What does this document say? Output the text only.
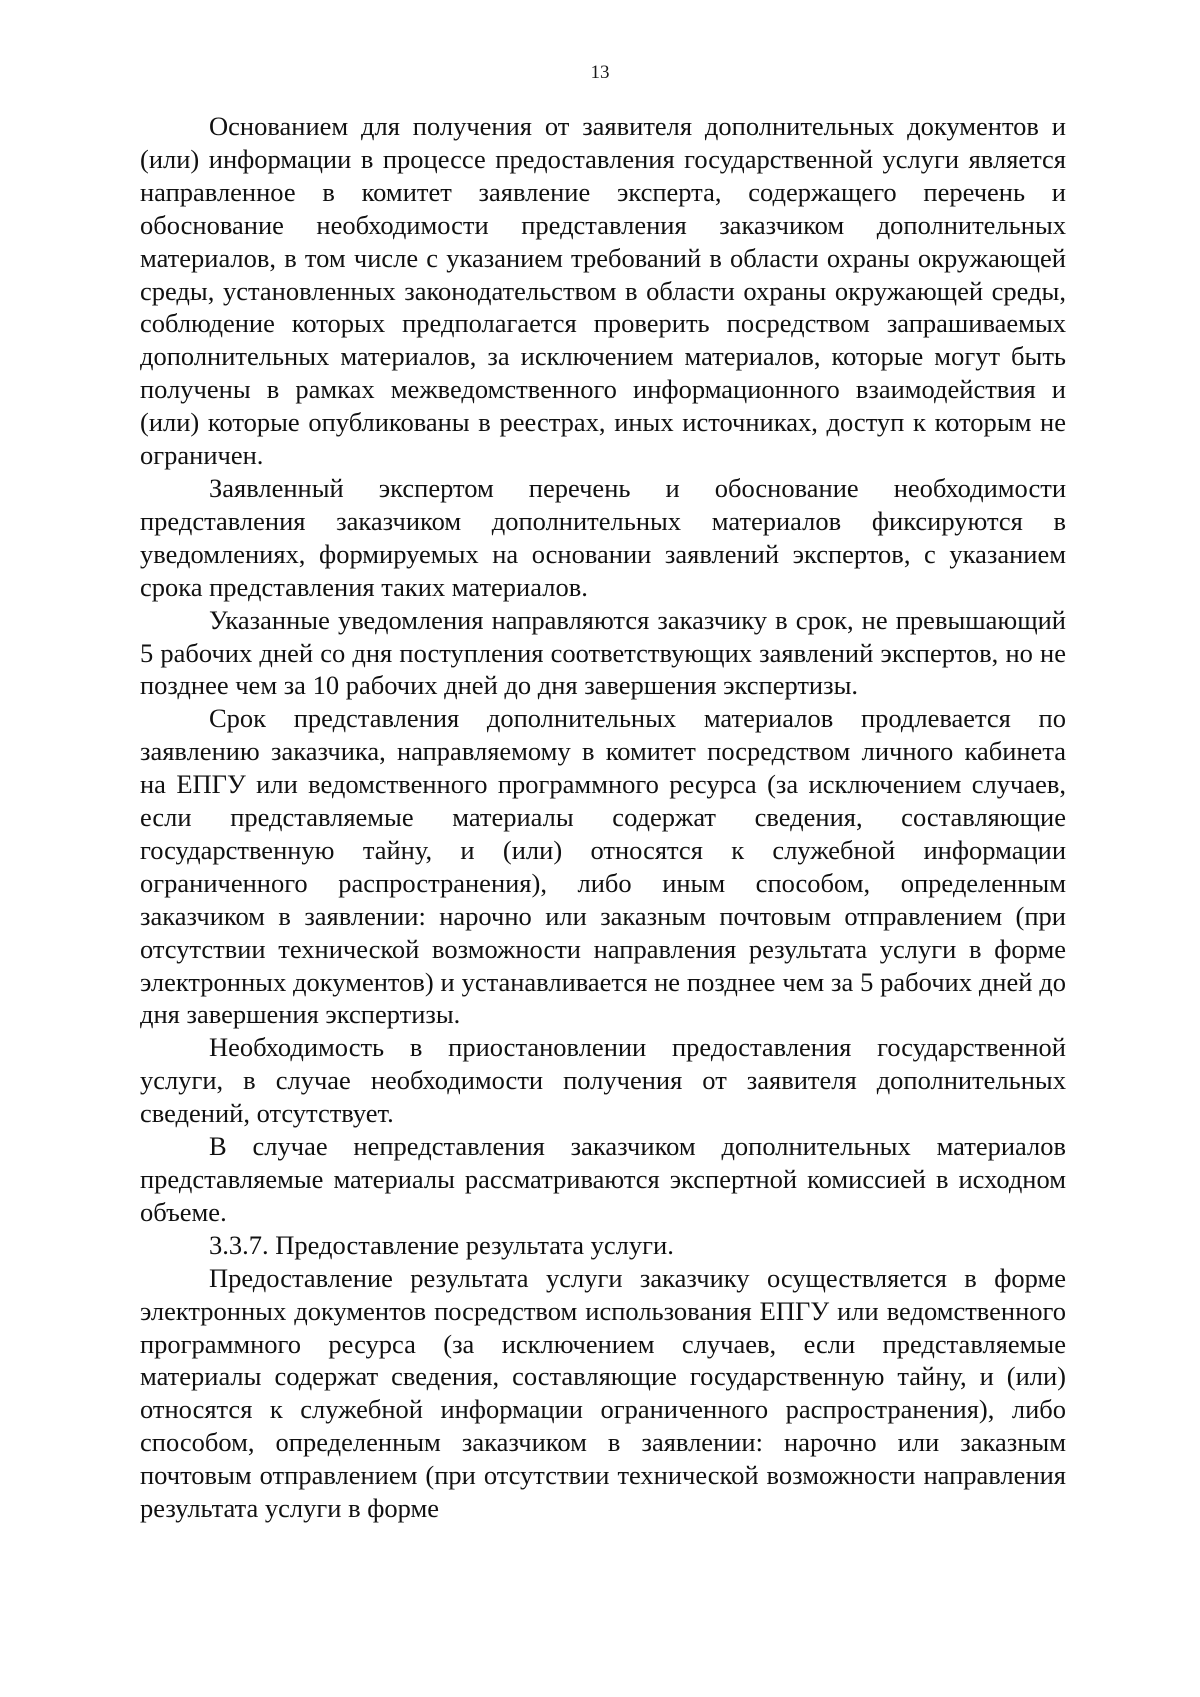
13

Основанием для получения от заявителя дополнительных документов и (или) информации в процессе предоставления государственной услуги является направленное в комитет заявление эксперта, содержащего перечень и обоснование необходимости представления заказчиком дополнительных материалов, в том числе с указанием требований в области охраны окружающей среды, установленных законодательством в области охраны окружающей среды, соблюдение которых предполагается проверить посредством запрашиваемых дополнительных материалов, за исключением материалов, которые могут быть получены в рамках межведомственного информационного взаимодействия и (или) которые опубликованы в реестрах, иных источниках, доступ к которым не ограничен.

Заявленный экспертом перечень и обоснование необходимости представления заказчиком дополнительных материалов фиксируются в уведомлениях, формируемых на основании заявлений экспертов, с указанием срока представления таких материалов.

Указанные уведомления направляются заказчику в срок, не превышающий 5 рабочих дней со дня поступления соответствующих заявлений экспертов, но не позднее чем за 10 рабочих дней до дня завершения экспертизы.

Срок представления дополнительных материалов продлевается по заявлению заказчика, направляемому в комитет посредством личного кабинета на ЕПГУ или ведомственного программного ресурса (за исключением случаев, если представляемые материалы содержат сведения, составляющие государственную тайну, и (или) относятся к служебной информации ограниченного распространения), либо иным способом, определенным заказчиком в заявлении: нарочно или заказным почтовым отправлением (при отсутствии технической возможности направления результата услуги в форме электронных документов) и устанавливается не позднее чем за 5 рабочих дней до дня завершения экспертизы.

Необходимость в приостановлении предоставления государственной услуги, в случае необходимости получения от заявителя дополнительных сведений, отсутствует.

В случае непредставления заказчиком дополнительных материалов представляемые материалы рассматриваются экспертной комиссией в исходном объеме.

3.3.7. Предоставление результата услуги.

Предоставление результата услуги заказчику осуществляется в форме электронных документов посредством использования ЕПГУ или ведомственного программного ресурса (за исключением случаев, если представляемые материалы содержат сведения, составляющие государственную тайну, и (или) относятся к служебной информации ограниченного распространения), либо способом, определенным заказчиком в заявлении: нарочно или заказным почтовым отправлением (при отсутствии технической возможности направления результата услуги в форме
